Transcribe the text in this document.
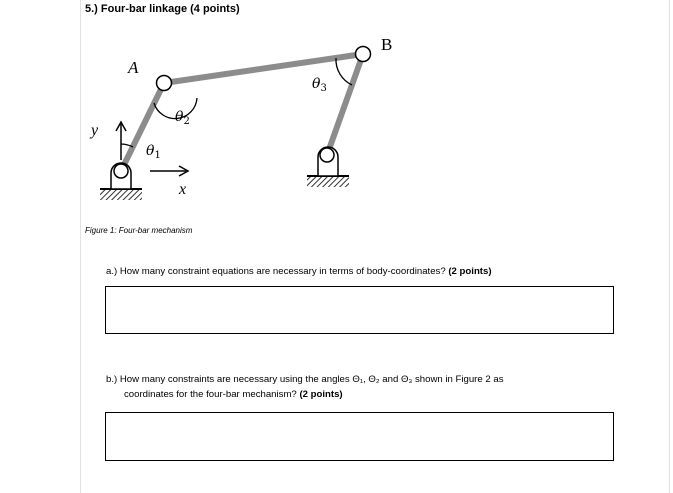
5.) Four-bar linkage (4 points)
A
B
y
x
$\theta_1$
$\theta_2$
$\theta_3$
Figure 1: Four-bar mechanism
a.) How many constraint equations are necessary in terms of body-coordinates? (2 points)
b.) How many constraints are necessary using the angles Θ₁, Θ₂ and Θ₃ shown in Figure 2 as
coordinates for the four-bar mechanism? (2 points)
